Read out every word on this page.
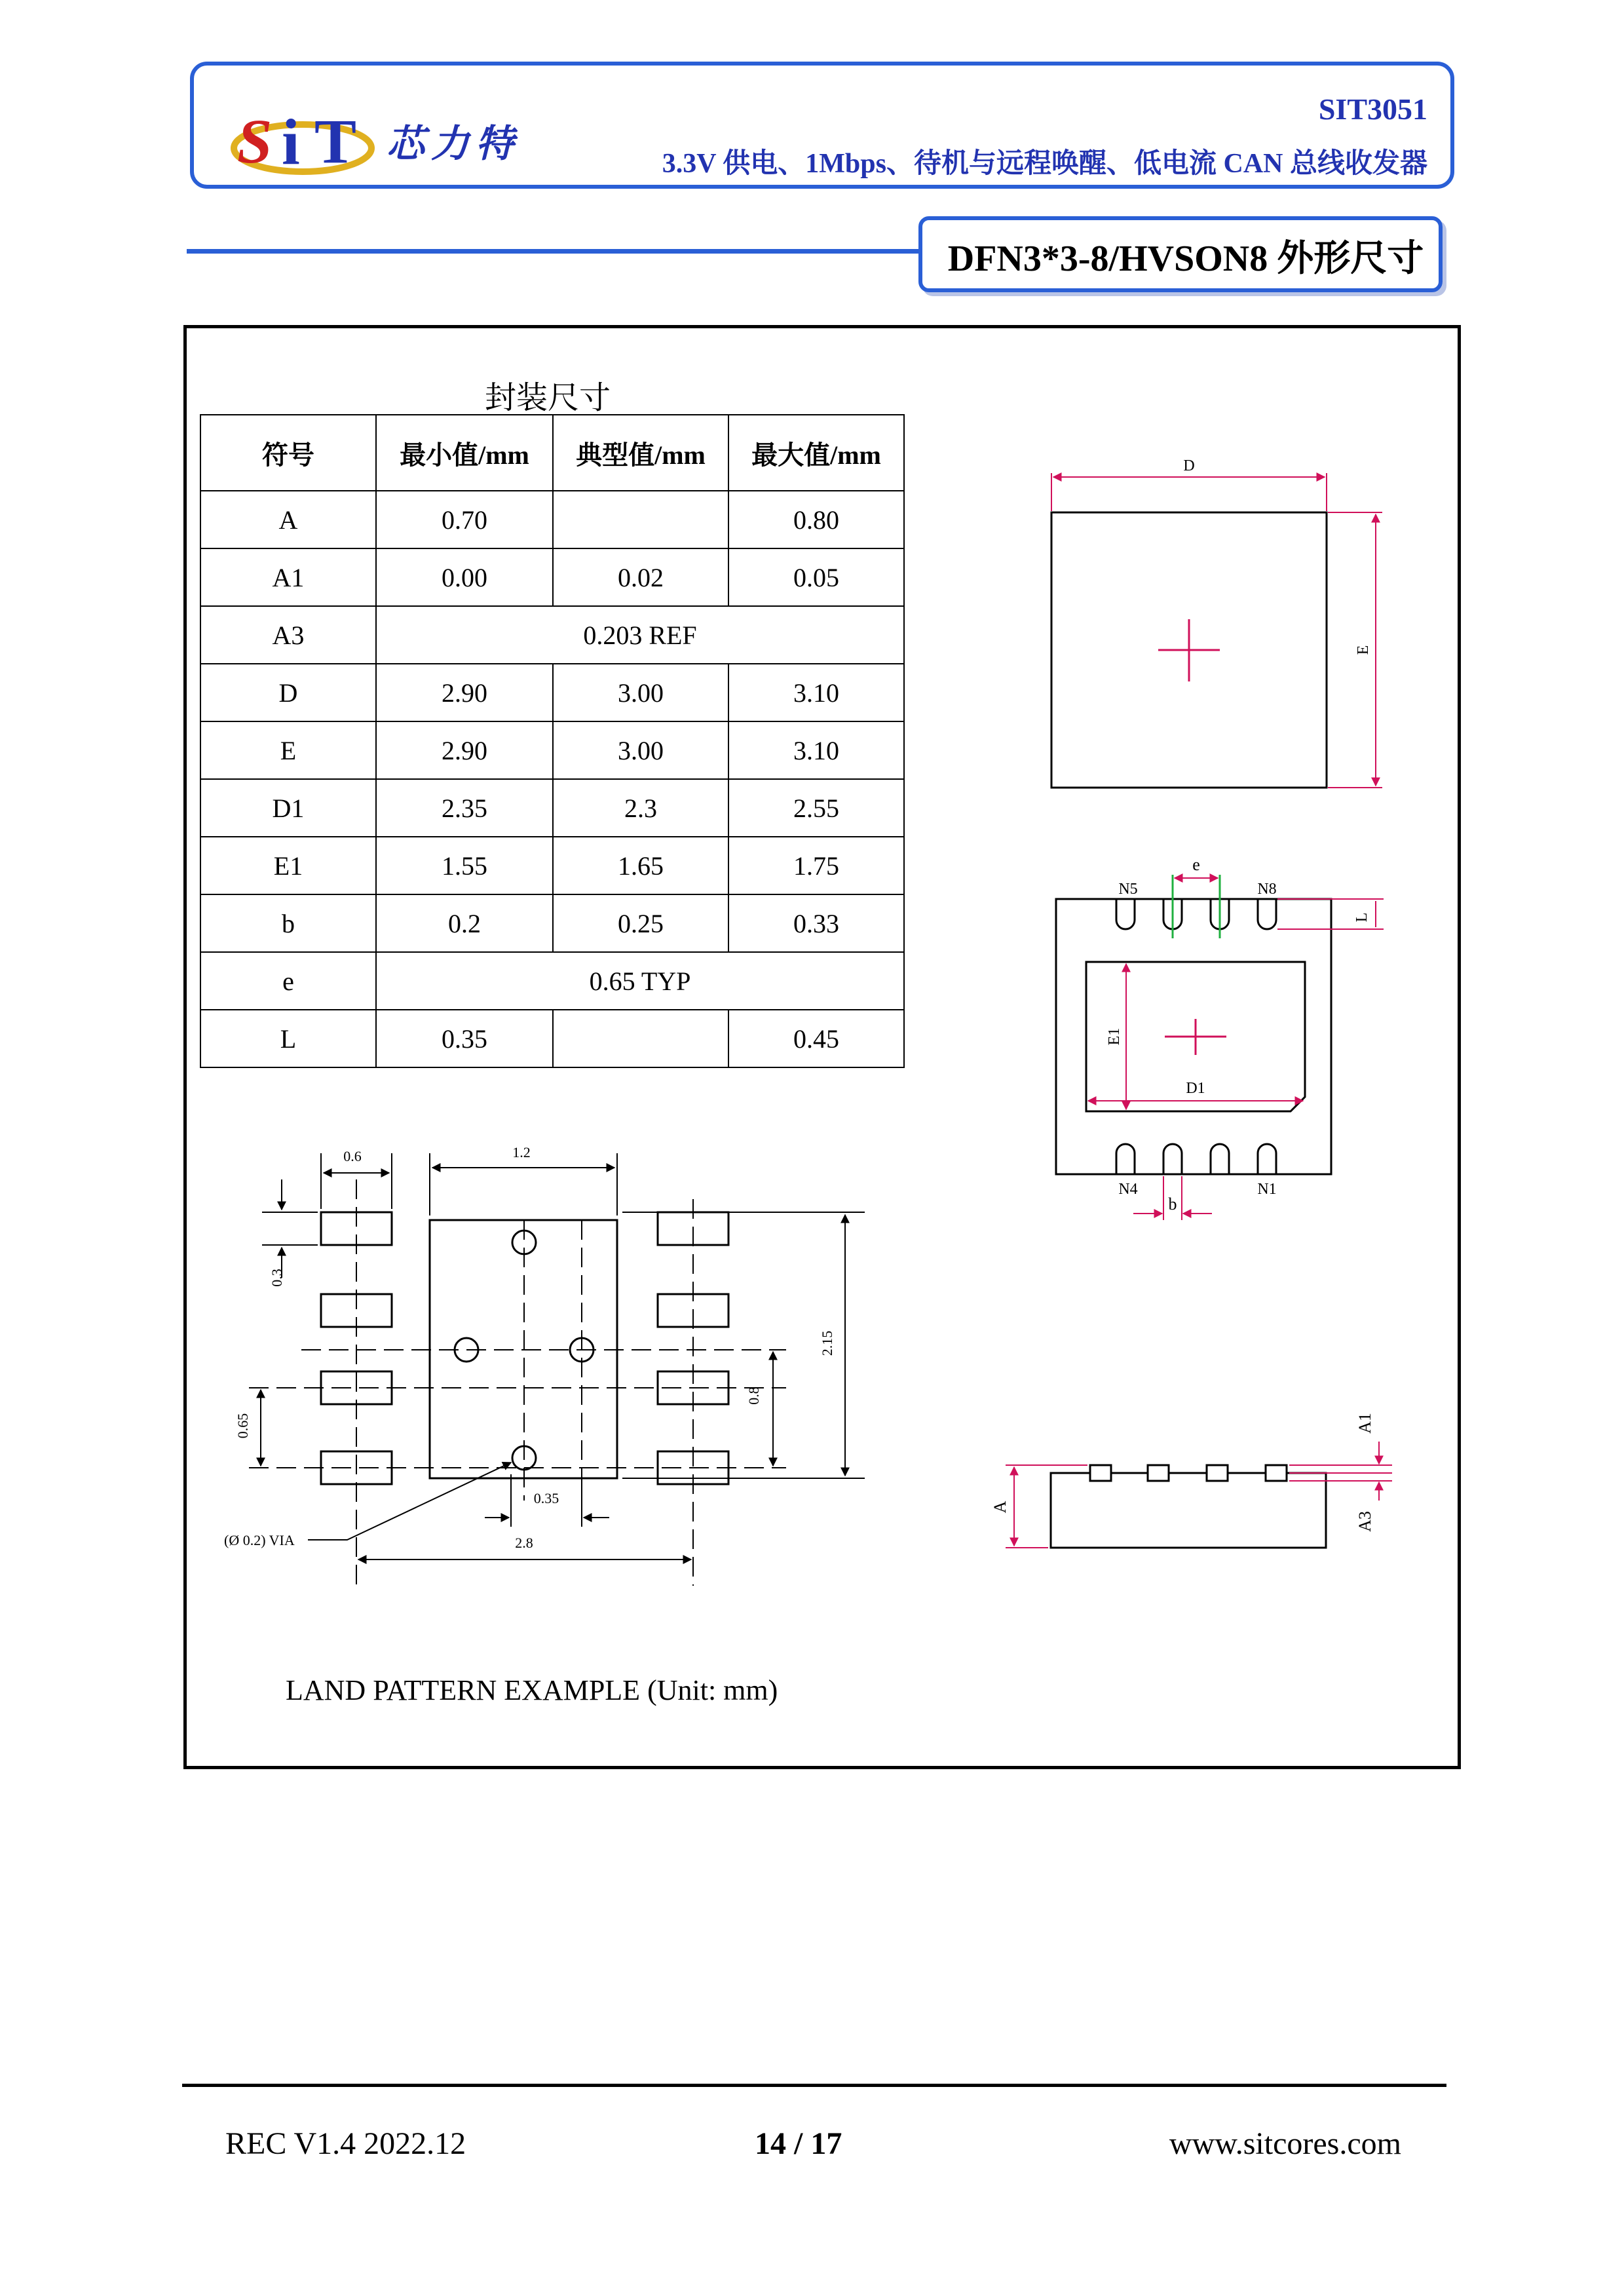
S i T 芯力特
SIT3051
3.3V 供电、1Mbps、待机与远程唤醒、低电流 CAN 总线收发器
DFN3*3-8/HVSON8 外形尺寸
封装尺寸
符号	最小值/mm	典型值/mm	最大值/mm
A	0.70		0.80
A1	0.00	0.02	0.05
A3	0.203 REF		
D	2.90	3.00	3.10
E	2.90	3.00	3.10
D1	2.35	2.3	2.55
E1	1.55	1.65	1.75
b	0.2	0.25	0.33
e	0.65 TYP		
L	0.35		0.45
D
E
e
N5	N8
L
E1
D1
N4	N1
b
A
A1
A3
0.6	1.2
0.3
2.15
0.8
0.65
0.35
2.8
(Ø 0.2) VIA
LAND PATTERN EXAMPLE (Unit: mm)
REC V1.4 2022.12	14 / 17	www.sitcores.com
